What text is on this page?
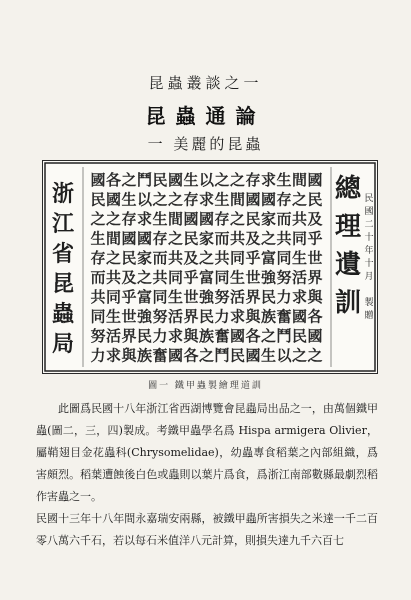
昆蟲叢談之一
昆蟲通論
一 美麗的昆蟲
浙
江
省
昆
蟲
局
國
民
及
乎
世
界
與
各
國
之
間
之
共
同
生
活
求
國
民
之
生
存
而
共
同
努
力
奮
鬥
以
求
國
家
之
富
強
民
族
之
生
存
國
民
及
乎
世
界
與
各
國
之
間
之
共
同
生
活
求
國
民
之
生
存
而
共
同
努
力
奮
鬥
以
求
國
家
之
富
強
民
族
之
生
存
國
民
及
乎
世
界
與
各
國
之
間
之
共
同
生
活
求
國
民
之
生
存
而
共
同
努
力
奮
鬥
以
求
國
家
之
富
強
民
族
之
生
存
國
民
及
乎
世
界
與
各
國
之
間
之
共
同
生
活
求
國
民
之
生
存
而
共
同
努
力
總
理
遺
訓
民
國
二
十
年
十
月
製
贈
圖一 鐵甲蟲製繪理道訓

此圖爲民國十八年浙江省西湖博覽會昆蟲局出品之一，由萬個鐵甲蟲(圖二，三，四)製成。考鐵甲蟲學名爲 Hispa armigera Olivier，屬鞘翅目金花蟲科(Chrysomelidae)，幼蟲專食稻葉之內部組織，爲害頗烈。稻葉遭蝕後白色或蟲則以葉片爲食，爲浙江南部數縣最劇烈稻作害蟲之一。

民國十三年十八年間永嘉瑞安兩縣，被鐵甲蟲所害損失之米達一千二百零八萬六千石，若以每石米值洋八元計算，則損失達九千六百七
